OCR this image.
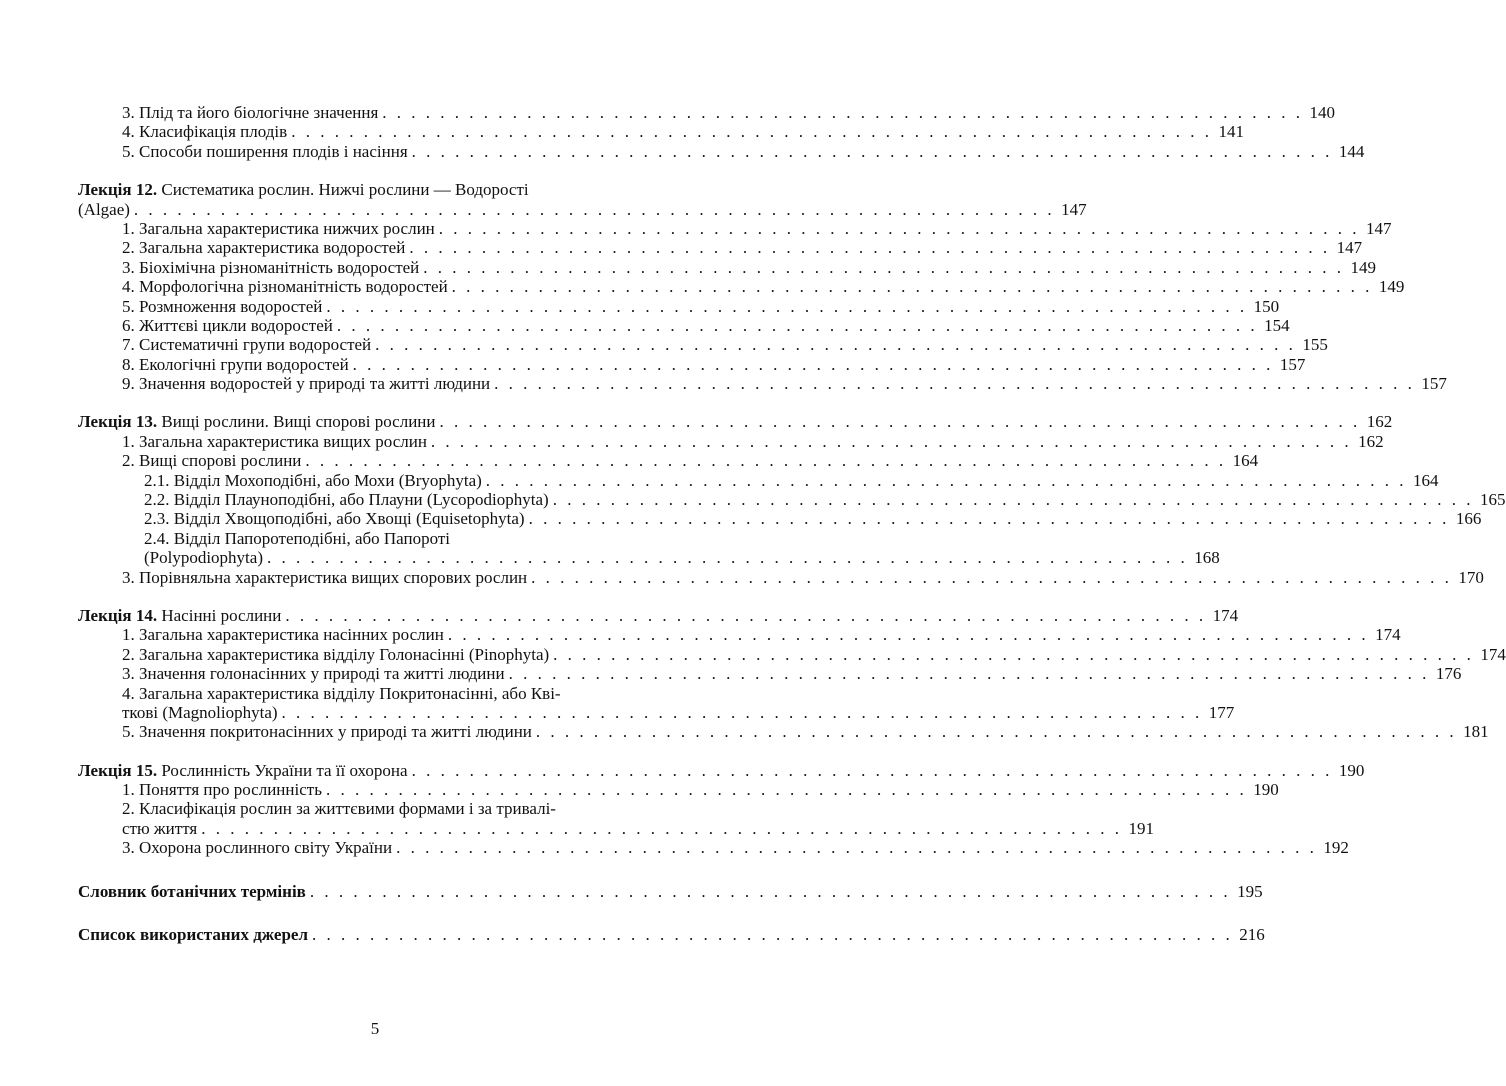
3. Плід та його біологічне значення . . . . . . . . . . . . . . . . . . . . . . . . . . . . . . . . . . . . . . . . . . . . . . . . . . . . . . . . . . . . . . . . 140
4. Класифікація плодів . . . . . . . . . . . . . . . . . . . . . . . . . . . . . . . . . . . . . . . . . . . . . . . . . . . . . . . . . . . . . . . . 141
5. Способи поширення плодів і насіння . . . . . . . . . . . . . . . . . . . . . . . . . . . . . . . . . . . . . . . . . . . . . . . . . . . . . . . . . . . . . . . . 144
Лекція 12. Систематика рослин. Нижчі рослини — Водорості
(Algae) . . . . . . . . . . . . . . . . . . . . . . . . . . . . . . . . . . . . . . . . . . . . . . . . . . . . . . . . . . . . . . . . 147
1. Загальна характеристика нижчих рослин . . . . . . . . . . . . . . . . . . . . . . . . . . . . . . . . . . . . . . . . . . . . . . . . . . . . . . . . . . . . . . . . 147
2. Загальна характеристика водоростей . . . . . . . . . . . . . . . . . . . . . . . . . . . . . . . . . . . . . . . . . . . . . . . . . . . . . . . . . . . . . . . . 147
3. Біохімічна різноманітність водоростей . . . . . . . . . . . . . . . . . . . . . . . . . . . . . . . . . . . . . . . . . . . . . . . . . . . . . . . . . . . . . . . . 149
4. Морфологічна різноманітність водоростей . . . . . . . . . . . . . . . . . . . . . . . . . . . . . . . . . . . . . . . . . . . . . . . . . . . . . . . . . . . . . . . . 149
5. Розмноження водоростей . . . . . . . . . . . . . . . . . . . . . . . . . . . . . . . . . . . . . . . . . . . . . . . . . . . . . . . . . . . . . . . . 150
6. Життєві цикли водоростей . . . . . . . . . . . . . . . . . . . . . . . . . . . . . . . . . . . . . . . . . . . . . . . . . . . . . . . . . . . . . . . . 154
7. Систематичні групи водоростей . . . . . . . . . . . . . . . . . . . . . . . . . . . . . . . . . . . . . . . . . . . . . . . . . . . . . . . . . . . . . . . . 155
8. Екологічні групи водоростей . . . . . . . . . . . . . . . . . . . . . . . . . . . . . . . . . . . . . . . . . . . . . . . . . . . . . . . . . . . . . . . . 157
9. Значення водоростей у природі та житті людини . . . . . . . . . . . . . . . . . . . . . . . . . . . . . . . . . . . . . . . . . . . . . . . . . . . . . . . . . . . . . . . . 157
Лекція 13. Вищі рослини. Вищі спорові рослини . . . . . . . . . . . . . . . . . . . . . . . . . . . . . . . . . . . . . . . . . . . . . . . . . . . . . . . . . . . . . . . . 162
1. Загальна характеристика вищих рослин . . . . . . . . . . . . . . . . . . . . . . . . . . . . . . . . . . . . . . . . . . . . . . . . . . . . . . . . . . . . . . . . 162
2. Вищі спорові рослини . . . . . . . . . . . . . . . . . . . . . . . . . . . . . . . . . . . . . . . . . . . . . . . . . . . . . . . . . . . . . . . . 164
2.1. Відділ Мохоподібні, або Мохи (Bryophyta) . . . . . . . . . . . . . . . . . . . . . . . . . . . . . . . . . . . . . . . . . . . . . . . . . . . . . . . . . . . . . . . . 164
2.2. Відділ Плауноподібні, або Плауни (Lycopodiophyta) . . . . . . . . . . . . . . . . . . . . . . . . . . . . . . . . . . . . . . . . . . . . . . . . . . . . . . . . . . . . . . . . 165
2.3. Відділ Хвощоподібні, або Хвощі (Equisetophyta) . . . . . . . . . . . . . . . . . . . . . . . . . . . . . . . . . . . . . . . . . . . . . . . . . . . . . . . . . . . . . . . . 166
2.4. Відділ Папоротеподібні, або Папороті
(Polypodiophyta) . . . . . . . . . . . . . . . . . . . . . . . . . . . . . . . . . . . . . . . . . . . . . . . . . . . . . . . . . . . . . . . . 168
3. Порівняльна характеристика вищих спорових рослин . . . . . . . . . . . . . . . . . . . . . . . . . . . . . . . . . . . . . . . . . . . . . . . . . . . . . . . . . . . . . . . . 170
Лекція 14. Насінні рослини . . . . . . . . . . . . . . . . . . . . . . . . . . . . . . . . . . . . . . . . . . . . . . . . . . . . . . . . . . . . . . . . 174
1. Загальна характеристика насінних рослин . . . . . . . . . . . . . . . . . . . . . . . . . . . . . . . . . . . . . . . . . . . . . . . . . . . . . . . . . . . . . . . . 174
2. Загальна характеристика відділу Голонасінні (Pinophyta) . . . . . . . . . . . . . . . . . . . . . . . . . . . . . . . . . . . . . . . . . . . . . . . . . . . . . . . . . . . . . . . . 174
3. Значення голонасінних у природі та житті людини . . . . . . . . . . . . . . . . . . . . . . . . . . . . . . . . . . . . . . . . . . . . . . . . . . . . . . . . . . . . . . . . 176
4. Загальна характеристика відділу Покритонасінні, або Кві-
ткові (Magnoliophyta) . . . . . . . . . . . . . . . . . . . . . . . . . . . . . . . . . . . . . . . . . . . . . . . . . . . . . . . . . . . . . . . . 177
5. Значення покритонасінних у природі та житті людини . . . . . . . . . . . . . . . . . . . . . . . . . . . . . . . . . . . . . . . . . . . . . . . . . . . . . . . . . . . . . . . . 181
Лекція 15. Рослинність України та її охорона . . . . . . . . . . . . . . . . . . . . . . . . . . . . . . . . . . . . . . . . . . . . . . . . . . . . . . . . . . . . . . . . 190
1. Поняття про рослинність . . . . . . . . . . . . . . . . . . . . . . . . . . . . . . . . . . . . . . . . . . . . . . . . . . . . . . . . . . . . . . . . 190
2. Класифікація рослин за життєвими формами і за тривалі-
стю життя . . . . . . . . . . . . . . . . . . . . . . . . . . . . . . . . . . . . . . . . . . . . . . . . . . . . . . . . . . . . . . . . 191
3. Охорона рослинного світу України . . . . . . . . . . . . . . . . . . . . . . . . . . . . . . . . . . . . . . . . . . . . . . . . . . . . . . . . . . . . . . . . 192
Словник ботанічних термінів . . . . . . . . . . . . . . . . . . . . . . . . . . . . . . . . . . . . . . . . . . . . . . . . . . . . . . . . . . . . . . . . 195
Список використаних джерел . . . . . . . . . . . . . . . . . . . . . . . . . . . . . . . . . . . . . . . . . . . . . . . . . . . . . . . . . . . . . . . . 216
5
